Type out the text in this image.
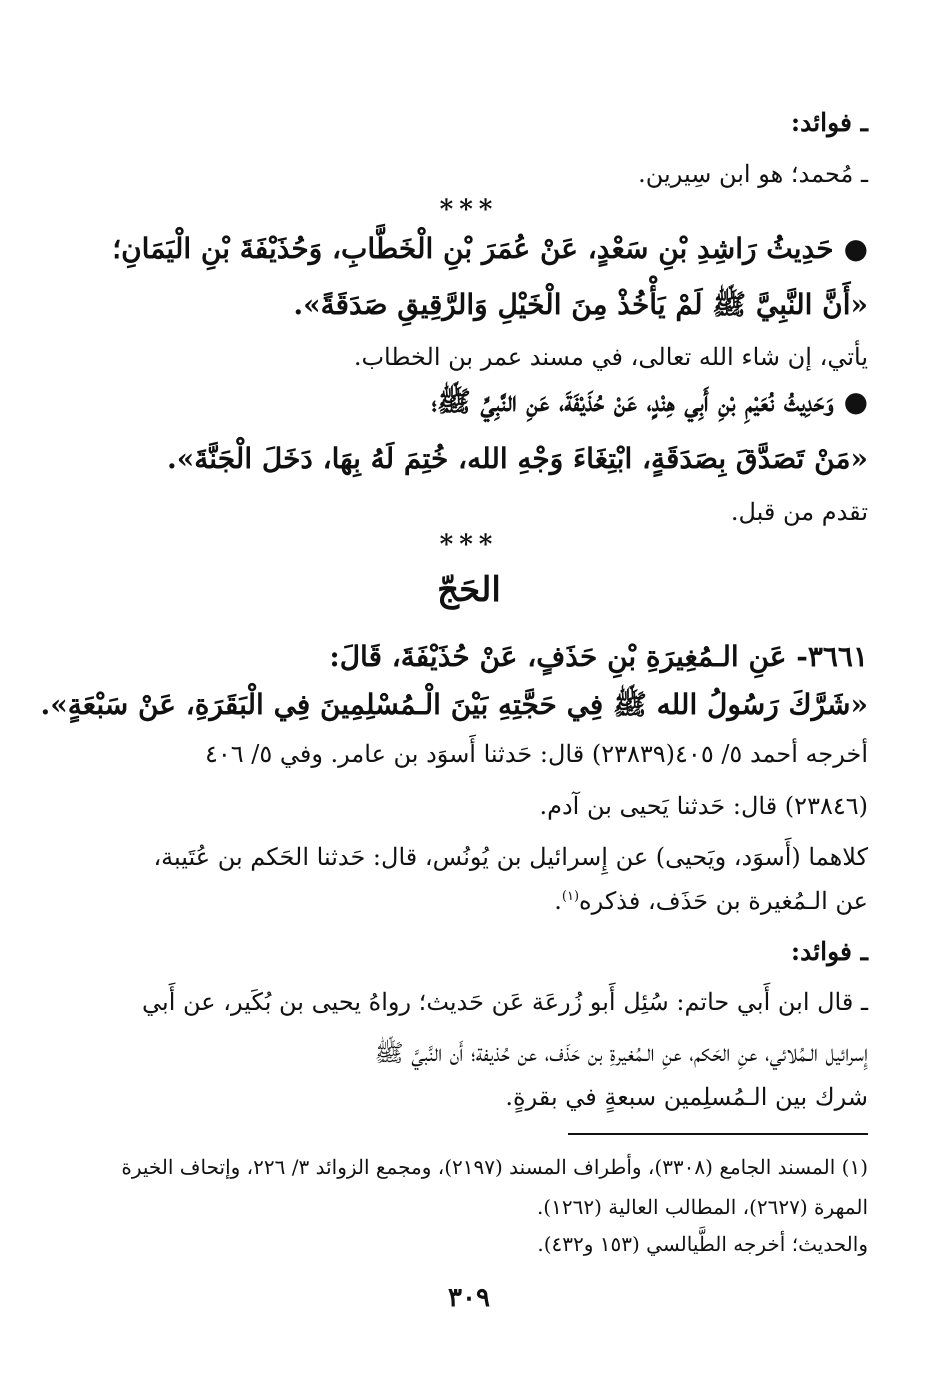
ـ فوائد:
ـ مُحمد؛ هو ابن سِيرين.
***
●حَدِيثُ رَاشِدِ بْنِ سَعْدٍ، عَنْ عُمَرَ بْنِ الْخَطَّابِ، وَحُذَيْفَةَ بْنِ الْيَمَانِ؛
«أَنَّ النَّبِيَّ ﷺ لَمْ يَأْخُذْ مِنَ الْخَيْلِ وَالرَّقِيقِ صَدَقَةً».
يأتي، إن شاء الله تعالى، في مسند عمر بن الخطاب.
●وَحَدِيثُ نُعَيْمِ بْنِ أَبِي هِنْدٍ، عَنْ حُذَيْفَةَ، عَنِ النَّبِيِّ ﷺ؛
«مَنْ تَصَدَّقَ بِصَدَقَةٍ، ابْتِغَاءَ وَجْهِ الله، خُتِمَ لَهُ بِهَا، دَخَلَ الْجَنَّةَ».
تقدم من قبل.
***
الحَجّ
٣٦٦١- عَنِ الـمُغِيرَةِ بْنِ حَذَفٍ، عَنْ حُذَيْفَةَ، قَالَ:
«شَرَّكَ رَسُولُ الله ﷺ فِي حَجَّتِهِ بَيْنَ الْـمُسْلِمِينَ فِي الْبَقَرَةِ، عَنْ سَبْعَةٍ».
أخرجه أحمد ٥/ ٤٠٥(٢٣٨٣٩) قال: حَدثنا أَسوَد بن عامر. وفي ٥/ ٤٠٦
(٢٣٨٤٦) قال: حَدثنا يَحيى بن آدم.
كلاهما (أَسوَد، ويَحيى) عن إِسرائيل بن يُونُس، قال: حَدثنا الحَكم بن عُتَيبة،
عن الـمُغيرة بن حَذَف، فذكره$^{(١)}$.
ـ فوائد:
ـ قال ابن أَبي حاتم: سُئِل أَبو زُرعَة عَن حَديث؛ رواهُ يحيى بن بُكَير، عن أَبي
إِسرائيل الـمُلائي، عنِ الحَكم، عنِ الـمُغيرةِ بن حَذَف، عن حُذيفة؛ أَن النَّبيَّ ﷺ
شرك بين الـمُسلِمين سبعةٍ في بقرةٍ.
(١) المسند الجامع (٣٣٠٨)، وأطراف المسند (٢١٩٧)، ومجمع الزوائد ٣/ ٢٢٦، وإتحاف الخيرة
المهرة (٢٦٢٧)، المطالب العالية (١٢٦٢).
والحديث؛ أخرجه الطَّيالسي (١٥٣ و٤٣٢).
٣٠٩
